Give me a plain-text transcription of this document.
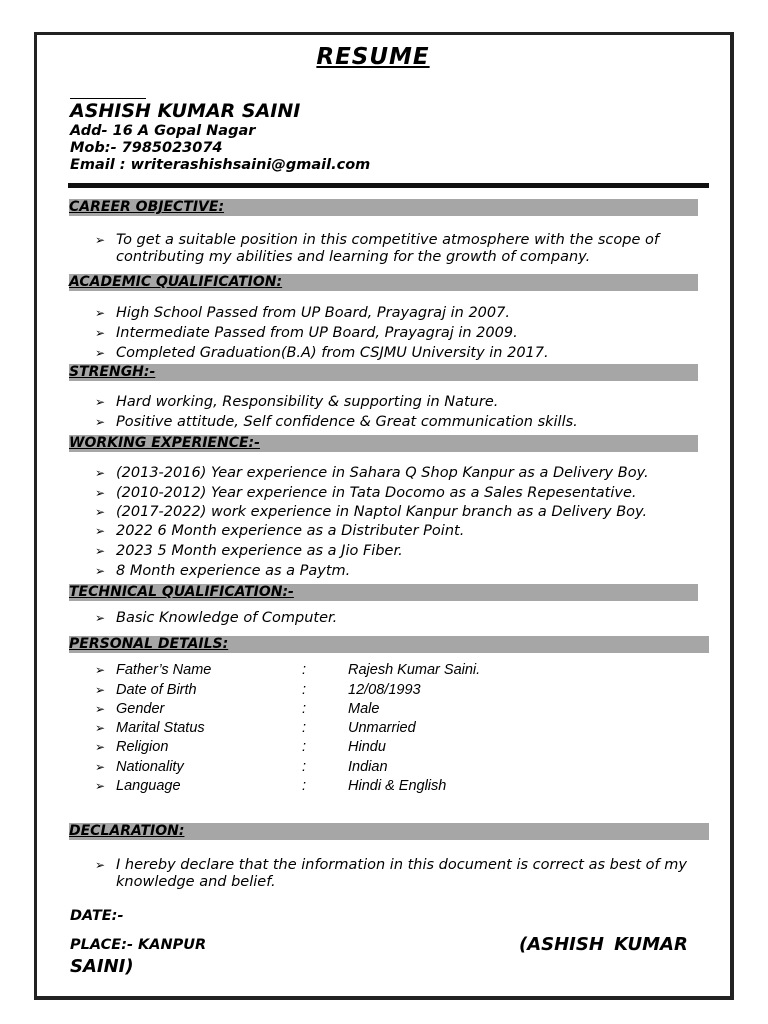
RESUME
ASHISH KUMAR SAINI
Add- 16 A Gopal Nagar
Mob:- 7985023074
Email : writerashishsaini@gmail.com
CAREER OBJECTIVE:
➢ To get a suitable position in this competitive atmosphere with the scope of contributing my abilities and learning for the growth of company.
ACADEMIC QUALIFICATION:
➢ High School Passed from UP Board, Prayagraj in 2007.
➢ Intermediate Passed from UP Board, Prayagraj in 2009.
➢ Completed Graduation(B.A) from CSJMU University in 2017.
STRENGH:-
➢ Hard working, Responsibility & supporting in Nature.
➢ Positive attitude, Self confidence & Great communication skills.
WORKING EXPERIENCE:-
➢ (2013-2016) Year experience in Sahara Q Shop Kanpur as a Delivery Boy.
➢ (2010-2012) Year experience in Tata Docomo as a Sales Repesentative.
➢ (2017-2022) work experience in Naptol Kanpur branch as a Delivery Boy.
➢ 2022 6 Month experience as a Distributer Point.
➢ 2023 5 Month experience as a Jio Fiber.
➢ 8 Month experience as a Paytm.
TECHNICAL QUALIFICATION:-
➢ Basic Knowledge of Computer.
PERSONAL DETAILS:
➢ Father’s Name	:	Rajesh Kumar Saini.
➢ Date of Birth	:	12/08/1993
➢ Gender	:	Male
➢ Marital Status	:	Unmarried
➢ Religion	:	Hindu
➢ Nationality	:	Indian
➢ Language	:	Hindi & English
DECLARATION:
➢ I hereby declare that the information in this document is correct as best of my knowledge and belief.
DATE:-
PLACE:- KANPUR	(ASHISH KUMAR
SAINI)
